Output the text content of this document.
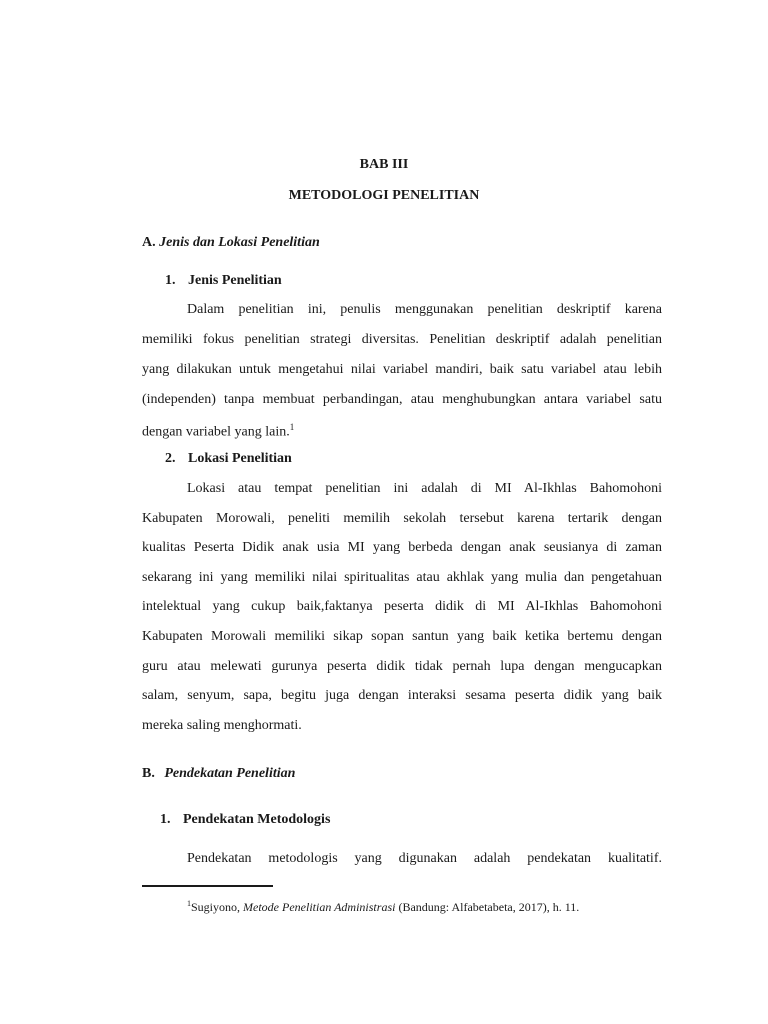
BAB III
METODOLOGI PENELITIAN
A. Jenis dan Lokasi Penelitian
1. Jenis Penelitian
Dalam penelitian ini, penulis menggunakan penelitian deskriptif karena
memiliki fokus penelitian strategi diversitas. Penelitian deskriptif adalah penelitian
yang dilakukan untuk mengetahui nilai variabel mandiri, baik satu variabel atau lebih
(independen) tanpa membuat perbandingan, atau menghubungkan antara variabel satu
dengan variabel yang lain.$^1$
2. Lokasi Penelitian
Lokasi atau tempat penelitian ini adalah di MI Al-Ikhlas Bahomohoni
Kabupaten Morowali, peneliti memilih sekolah tersebut karena tertarik dengan
kualitas Peserta Didik anak usia MI yang berbeda dengan anak seusianya di zaman
sekarang ini yang memiliki nilai spiritualitas atau akhlak yang mulia dan pengetahuan
intelektual yang cukup baik,faktanya peserta didik di MI Al-Ikhlas Bahomohoni
Kabupaten Morowali memiliki sikap sopan santun yang baik ketika bertemu dengan
guru atau melewati gurunya peserta didik tidak pernah lupa dengan mengucapkan
salam, senyum, sapa, begitu juga dengan interaksi sesama peserta didik yang baik
mereka saling menghormati.
B. Pendekatan Penelitian
1. Pendekatan Metodologis
Pendekatan metodologis yang digunakan adalah pendekatan kualitatif.
$^1$Sugiyono, Metode Penelitian Administrasi (Bandung: Alfabetabeta, 2017), h. 11.
